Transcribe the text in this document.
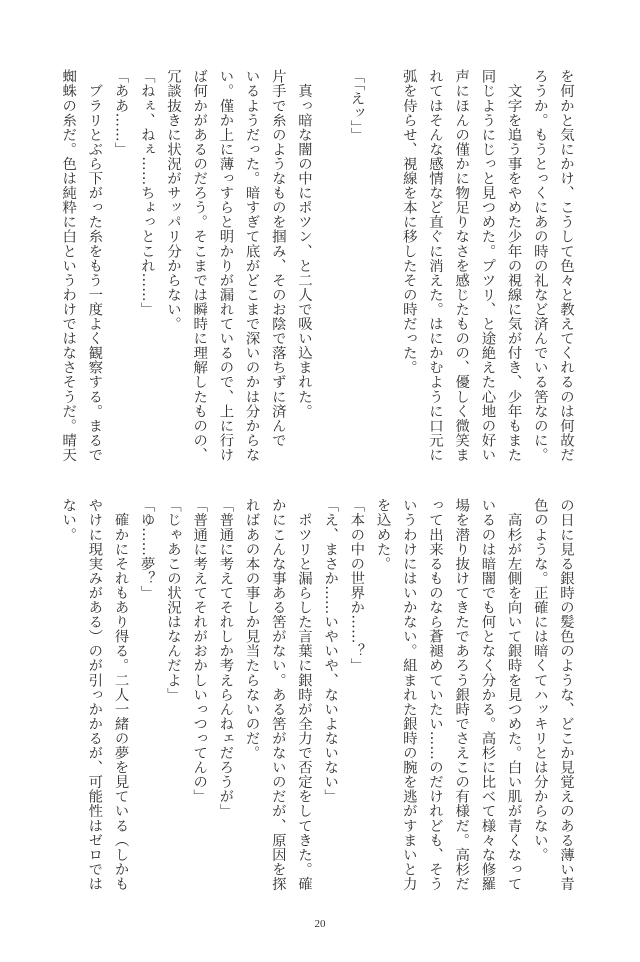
を何かと気にかけ、こうして色々と教えてくれるのは何故だ
ろうか。もうとっくにあの時の礼など済んでいる筈なのに。
　文字を追う事をやめた少年の視線に気が付き、少年もまた
同じようにじっと見つめた。プツリ、と途絶えた心地の好い
声にほんの僅かに物足りなさを感じたものの、優しく微笑ま
れてはそんな感情など直ぐに消えた。はにかむように口元に
弧を侍らせ、視線を本に移したその時だった。
「「えッ」」
　真っ暗な闇の中にポツン、と二人で吸い込まれた。
片手で糸のようなものを掴み、そのお陰で落ちずに済んで
いるようだった。暗すぎて底がどこまで深いのかは分からな
い。僅か上に薄っすらと明かりが漏れているので、上に行け
ば何かがあるのだろう。そこまでは瞬時に理解したものの、
冗談抜きに状況がサッパリ分からない。
「ねぇ、ねぇ……ちょっとこれ……」
「ああ……」
　ブラリとぶら下がった糸をもう一度よく観察する。まるで
蜘蛛の糸だ。色は純粋に白というわけではなさそうだ。晴天
の日に見る銀時の髪色のような、どこか見覚えのある薄い青
色のような。正確には暗くてハッキリとは分からない。
　高杉が左側を向いて銀時を見つめた。白い肌が青くなって
いるのは暗闇でも何となく分かる。高杉に比べて様々な修羅
場を潜り抜けてきたであろう銀時でさえこの有様だ。高杉だ
って出来るものなら蒼褪めていたい……のだけれども、そう
いうわけにはいかない。組まれた銀時の腕を逃がすまいと力
を込めた。
「本の中の世界か……？」
「え、まさか……いやいや、ないよないない」
　ポツリと漏らした言葉に銀時が全力で否定をしてきた。確
かにこんな事ある筈がない。ある筈がないのだが、原因を探
ればあの本の事しか見当たらないのだ。
「普通に考えてそれしか考えらんねェだろうが」
「普通に考えてそれがおかしいっつってんの」
「じゃあこの状況はなんだよ」
「ゆ……夢？」
　確かにそれもあり得る。二人一緒の夢を見ている（しかも
やけに現実みがある）のが引っかかるが、可能性はゼロでは
ない。
20
